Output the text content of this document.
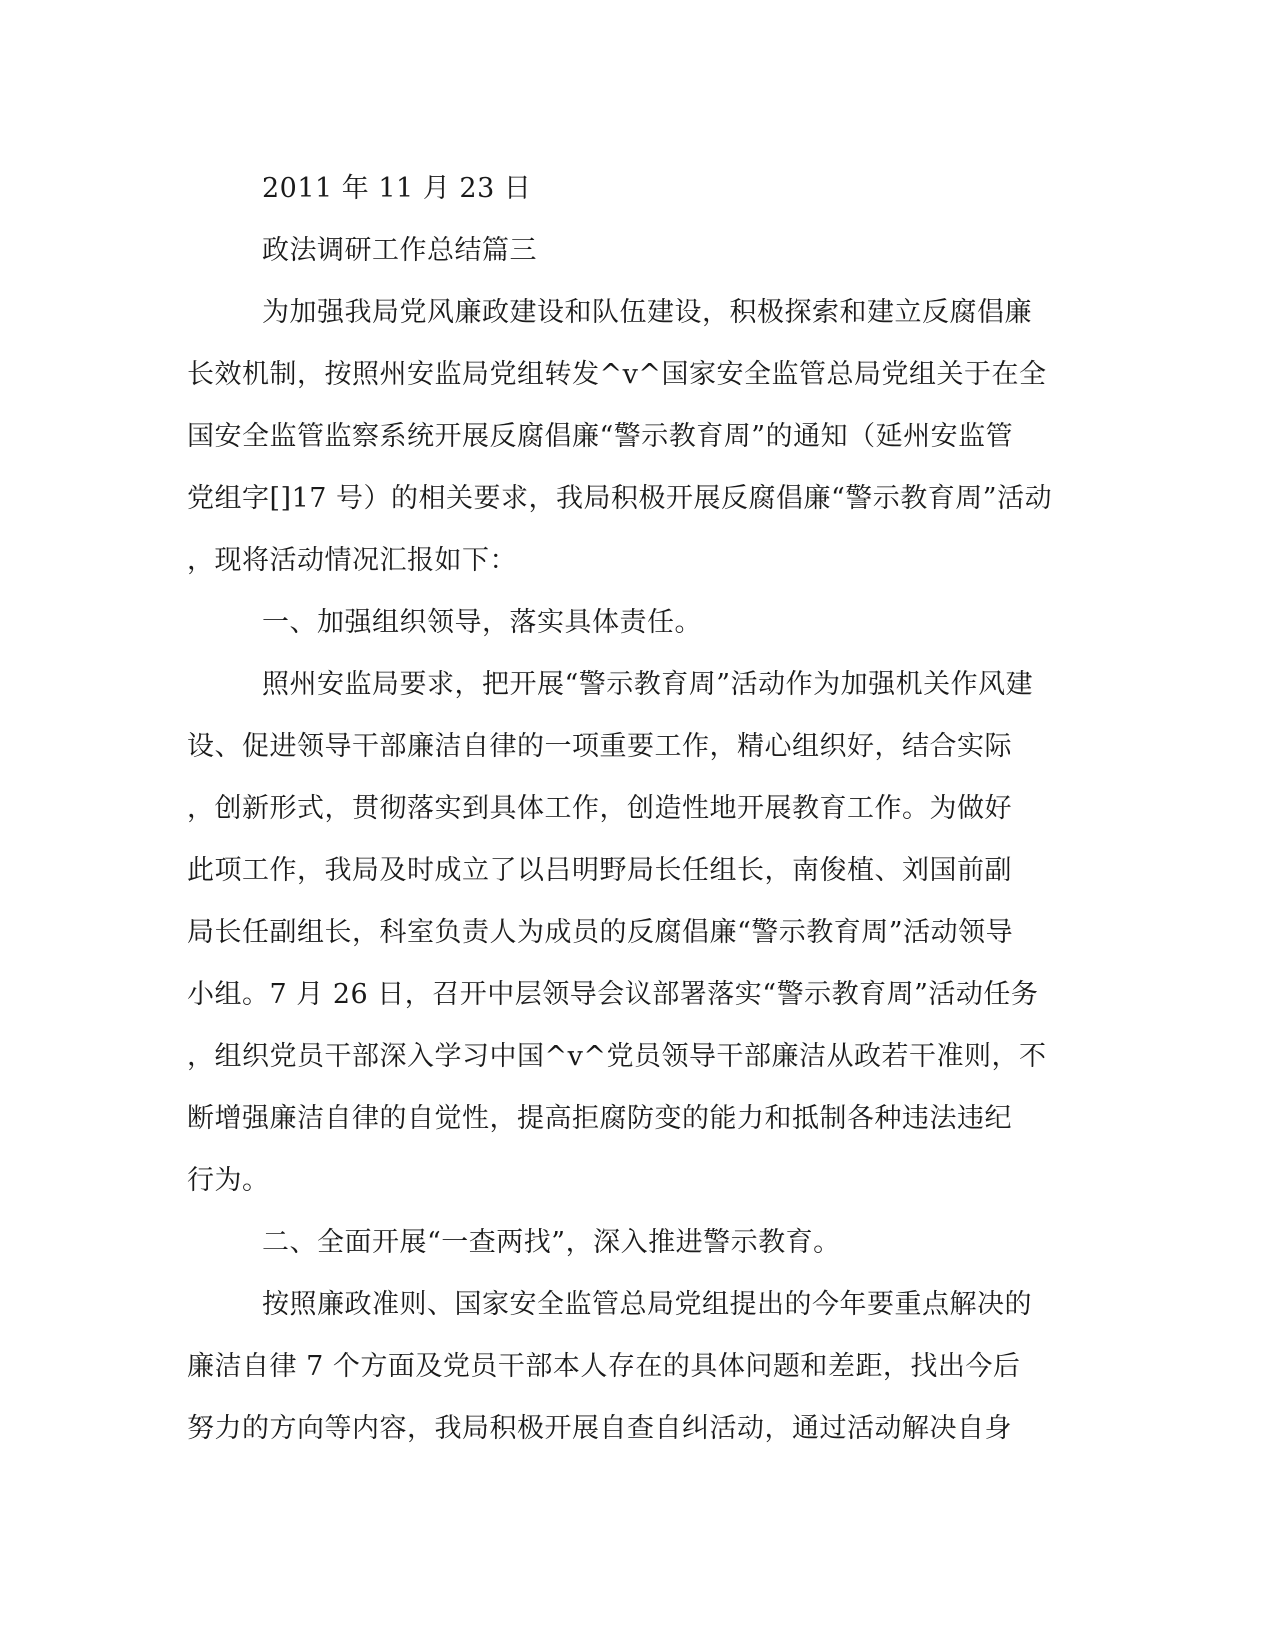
2011 年 11 月 23 日
政法调研工作总结篇三
为加强我局党风廉政建设和队伍建设，积极探索和建立反腐倡廉
长效机制，按照州安监局党组转发^v^国家安全监管总局党组关于在全
国安全监管监察系统开展反腐倡廉“警示教育周”的通知（延州安监管
党组字[]17 号）的相关要求，我局积极开展反腐倡廉“警示教育周”活动
，现将活动情况汇报如下：
一、加强组织领导，落实具体责任。
照州安监局要求，把开展“警示教育周”活动作为加强机关作风建
设、促进领导干部廉洁自律的一项重要工作，精心组织好，结合实际
，创新形式，贯彻落实到具体工作，创造性地开展教育工作。为做好
此项工作，我局及时成立了以吕明野局长任组长，南俊植、刘国前副
局长任副组长，科室负责人为成员的反腐倡廉“警示教育周”活动领导
小组。7 月 26 日，召开中层领导会议部署落实“警示教育周”活动任务
，组织党员干部深入学习中国^v^党员领导干部廉洁从政若干准则，不
断增强廉洁自律的自觉性，提高拒腐防变的能力和抵制各种违法违纪
行为。
二、全面开展“一查两找”，深入推进警示教育。
按照廉政准则、国家安全监管总局党组提出的今年要重点解决的
廉洁自律 7 个方面及党员干部本人存在的具体问题和差距，找出今后
努力的方向等内容，我局积极开展自查自纠活动，通过活动解决自身
